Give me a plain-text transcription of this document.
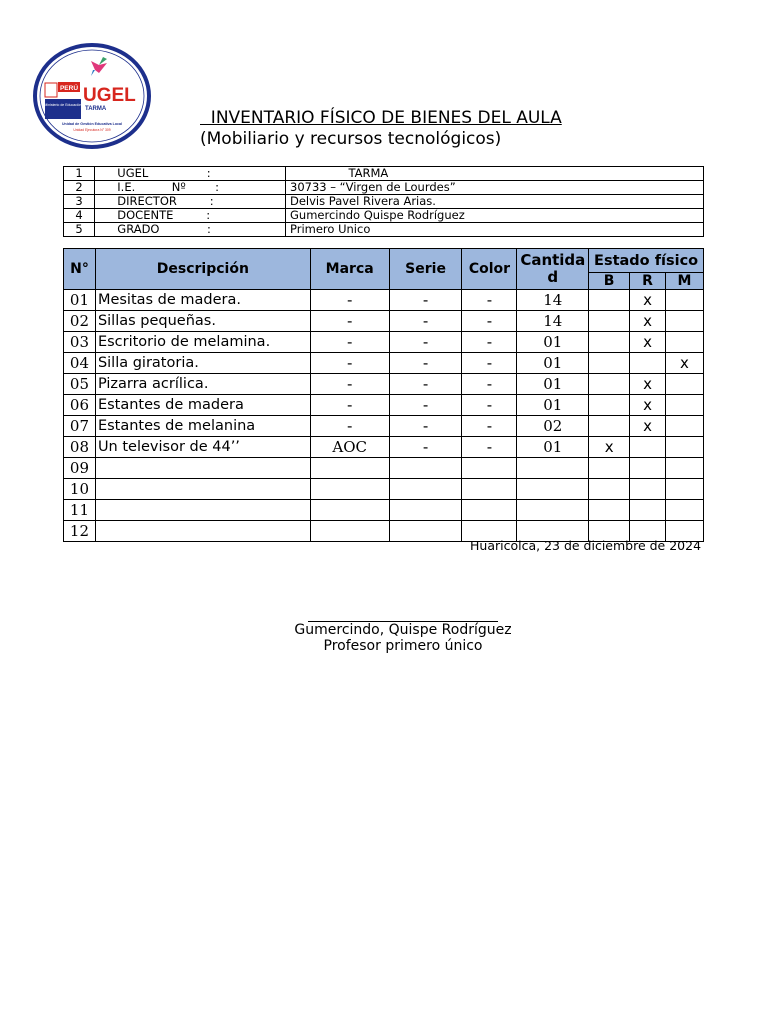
PERÚ UGEL
TARMA
Ministerio de Educación
Unidad de Gestión Educativa Local
Unidad Ejecutora N° 309
INVENTARIO FÍSICO DE BIENES DEL AULA
(Mobiliario y recursos tecnológicos)
1	UGEL                :	TARMA
2	I.E.          Nº        :	30733 – “Virgen de Lourdes”
3	DIRECTOR         :	Delvis Pavel Rivera Arias.
4	DOCENTE         :	Gumercindo Quispe Rodríguez
5	GRADO             :	Primero Unico
N°	Descripción	Marca	Serie	Color	Cantidad	Estado físico		
						B	R	M
01	Mesitas de madera.	-	-	-	14		x	
02	Sillas pequeñas.	-	-	-	14		x	
03	Escritorio de melamina.	-	-	-	01		x	
04	Silla giratoria.	-	-	-	01			x
05	Pizarra acrílica.	-	-	-	01		x	
06	Estantes de madera	-	-	-	01		x	
07	Estantes de melanina	-	-	-	02		x	
08	Un televisor de 44’’	AOC	-	-	01	x		
09								
10								
11								
12								
Huaricolca, 23 de diciembre de 2024
Gumercindo, Quispe Rodríguez
Profesor primero único
